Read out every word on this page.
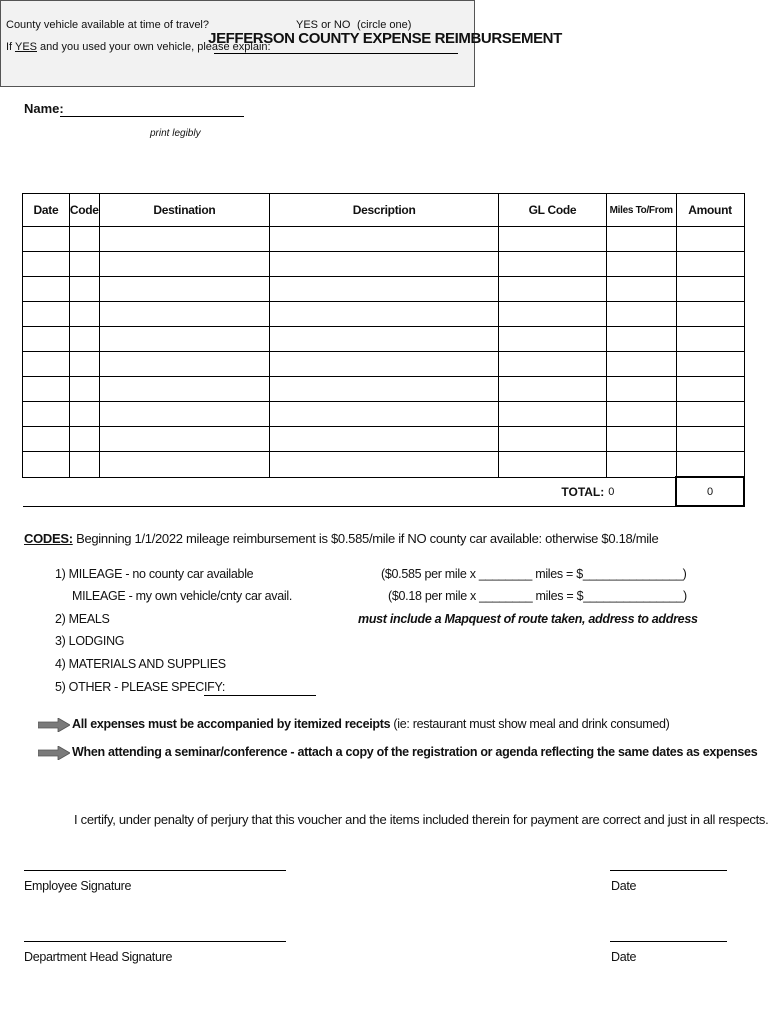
JEFFERSON COUNTY EXPENSE REIMBURSEMENT
Name:
print legibly
County vehicle available at time of travel?	YES or NO (circle one)
If YES and you used your own vehicle, please explain:
Date	Code	Destination	Description	GL Code	Miles To/From	Amount

TOTAL:					0	0
CODES: Beginning 1/1/2022 mileage reimbursement is $0.585/mile if NO county car available: otherwise $0.18/mile
1) MILEAGE - no county car available
MILEAGE - my own vehicle/cnty car avail.
2) MEALS
3) LODGING
4) MATERIALS AND SUPPLIES
5) OTHER - PLEASE SPECIFY:
($0.585 per mile x ________ miles = $_______________)
($0.18 per mile x ________ miles = $_______________)
must include a Mapquest of route taken, address to address
All expenses must be accompanied by itemized receipts (ie: restaurant must show meal and drink consumed)
When attending a seminar/conference - attach a copy of the registration or agenda reflecting the same dates as expenses
I certify, under penalty of perjury that this voucher and the items included therein for payment are correct and just in all respects.
Employee Signature	Date
Department Head Signature	Date
